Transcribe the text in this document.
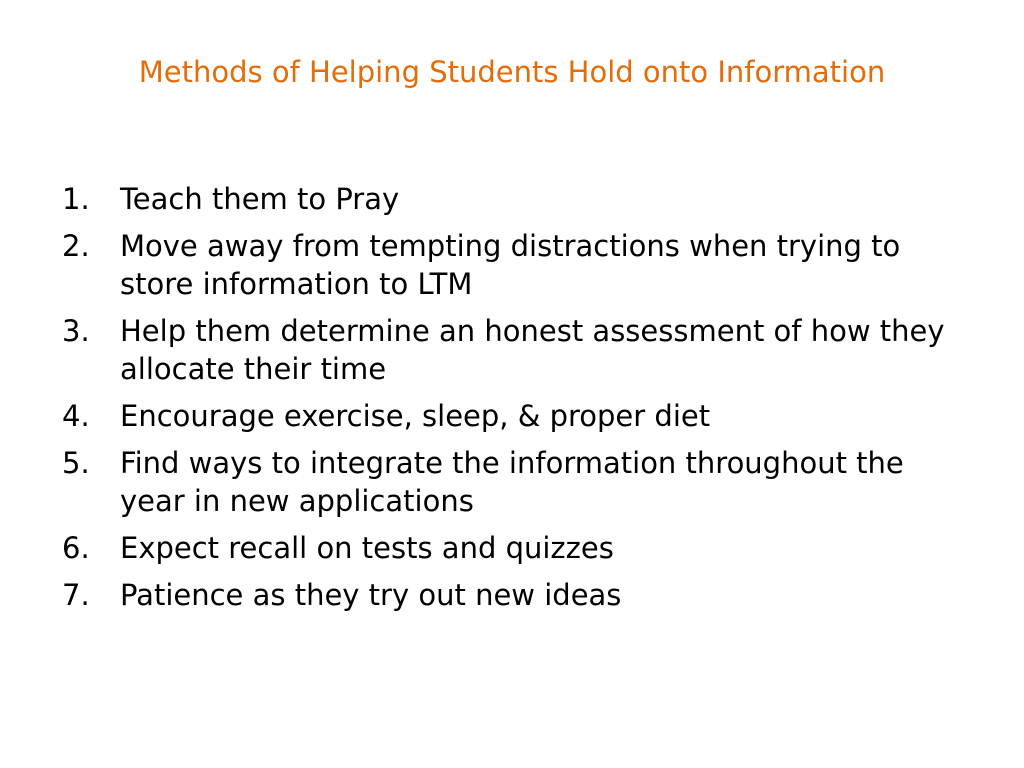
Methods of Helping Students Hold onto Information
1.	Teach them to Pray
2.	Move away from tempting distractions when trying to store information to LTM
3.	Help them determine an honest assessment of how they allocate their time
4.	Encourage exercise, sleep, & proper diet
5.	Find ways to integrate the information throughout the year in new applications
6.	Expect recall on tests and quizzes
7.	Patience as they try out new ideas
